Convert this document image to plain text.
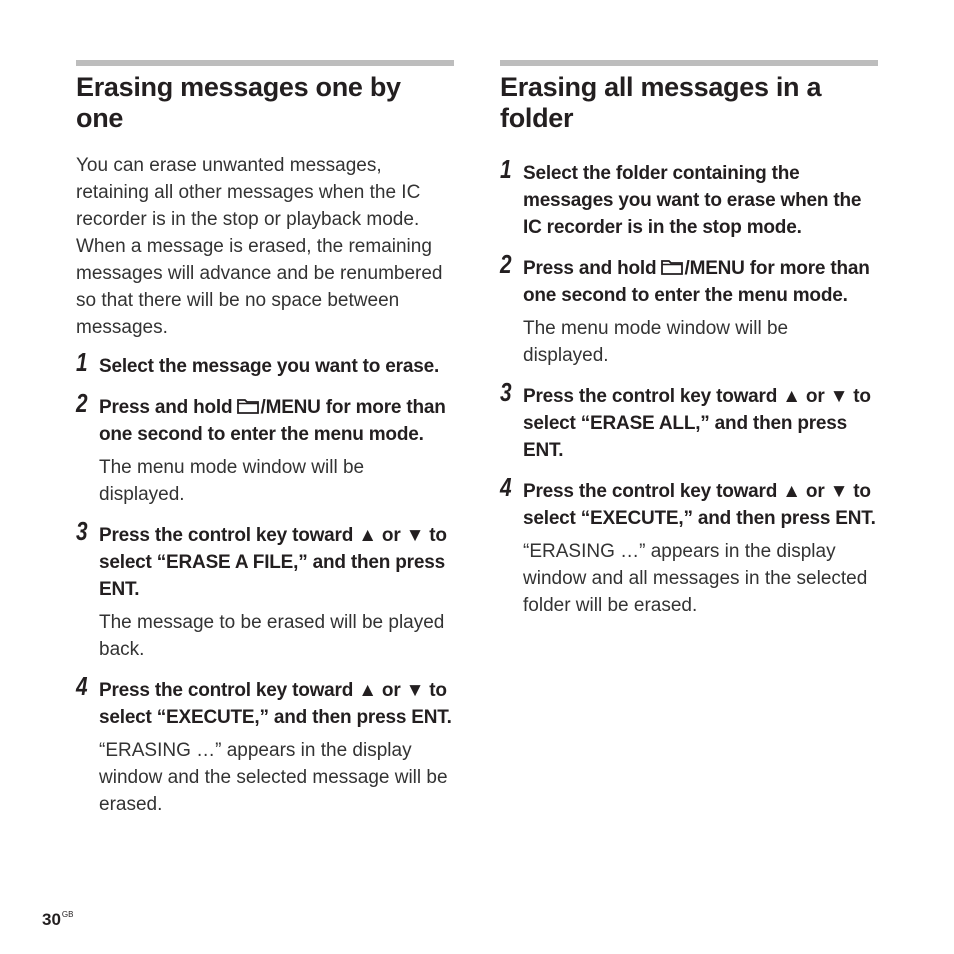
Erasing messages one by one

You can erase unwanted messages, retaining all other messages when the IC recorder is in the stop or playback mode. When a message is erased, the remaining messages will advance and be renumbered so that there will be no space between messages.

1 Select the message you want to erase.
2 Press and hold /MENU for more than one second to enter the menu mode.
The menu mode window will be displayed.
3 Press the control key toward ▲ or ▼ to select “ERASE A FILE,” and then press ENT.
The message to be erased will be played back.
4 Press the control key toward ▲ or ▼ to select “EXECUTE,” and then press ENT.
“ERASING …” appears in the display window and the selected message will be erased.
Erasing all messages in a folder
1 Select the folder containing the messages you want to erase when the IC recorder is in the stop mode.
2 Press and hold /MENU for more than one second to enter the menu mode.
The menu mode window will be displayed.
3 Press the control key toward ▲ or ▼ to select “ERASE ALL,” and then press ENT.
4 Press the control key toward ▲ or ▼ to select “EXECUTE,” and then press ENT.
“ERASING …” appears in the display window and all messages in the selected folder will be erased.
$30^{GB}$
